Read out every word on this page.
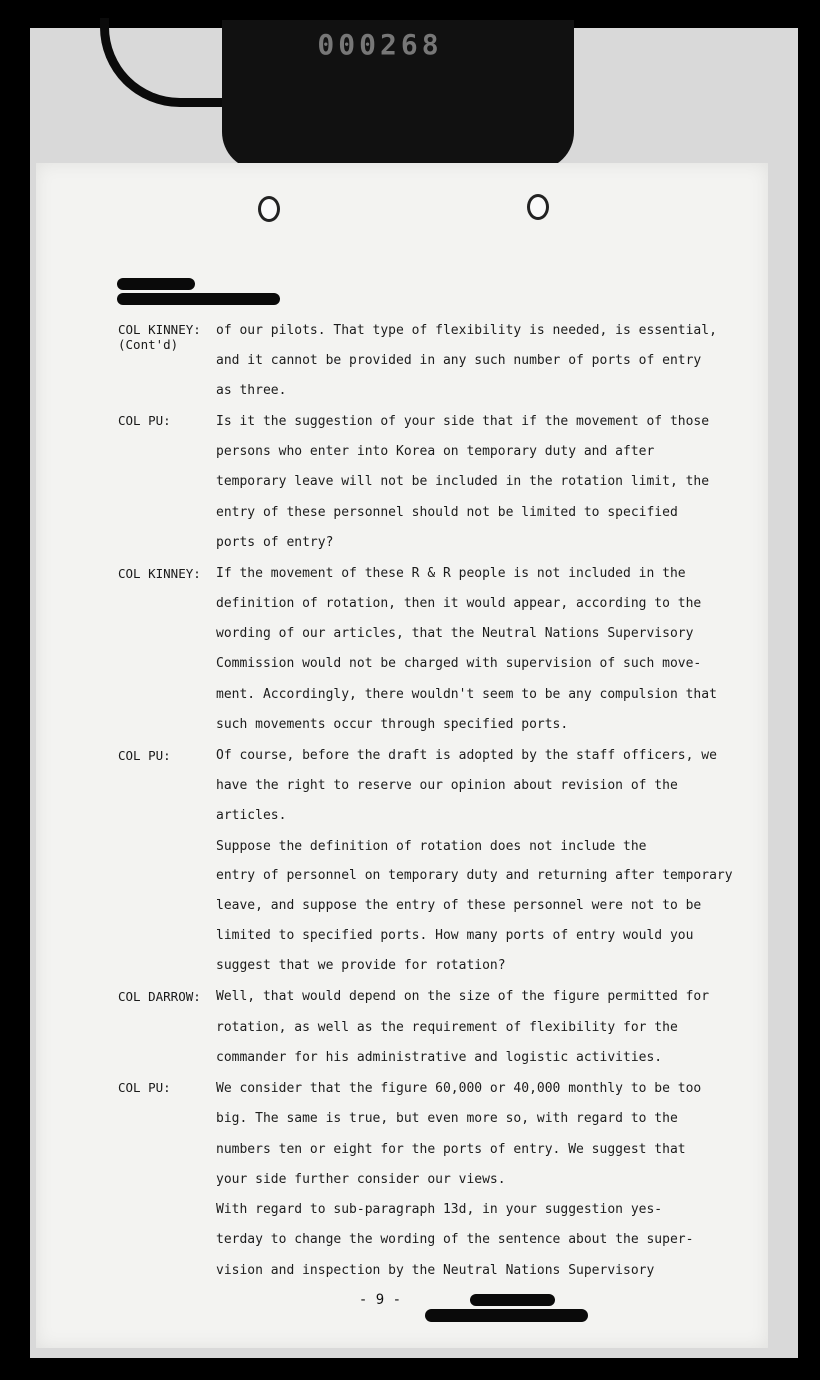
000268
COL KINNEY:
(Cont'd)
COL PU:
COL KINNEY:
COL PU:
COL DARROW:
COL PU:
of our pilots. That type of flexibility is needed, is essential,
and it cannot be provided in any such number of ports of entry
as three.
Is it the suggestion of your side that if the movement of those
persons who enter into Korea on temporary duty and after
temporary leave will not be included in the rotation limit, the
entry of these personnel should not be limited to specified
ports of entry?
If the movement of these R & R people is not included in the
definition of rotation, then it would appear, according to the
wording of our articles, that the Neutral Nations Supervisory
Commission would not be charged with supervision of such move-
ment. Accordingly, there wouldn't seem to be any compulsion that
such movements occur through specified ports.
Of course, before the draft is adopted by the staff officers, we
have the right to reserve our opinion about revision of the
articles.
Suppose the definition of rotation does not include the
entry of personnel on temporary duty and returning after temporary
leave, and suppose the entry of these personnel were not to be
limited to specified ports. How many ports of entry would you
suggest that we provide for rotation?
Well, that would depend on the size of the figure permitted for
rotation, as well as the requirement of flexibility for the
commander for his administrative and logistic activities.
We consider that the figure 60,000 or 40,000 monthly to be too
big. The same is true, but even more so, with regard to the
numbers ten or eight for the ports of entry. We suggest that
your side further consider our views.
With regard to sub-paragraph 13d, in your suggestion yes-
terday to change the wording of the sentence about the super-
vision and inspection by the Neutral Nations Supervisory
- 9 -
